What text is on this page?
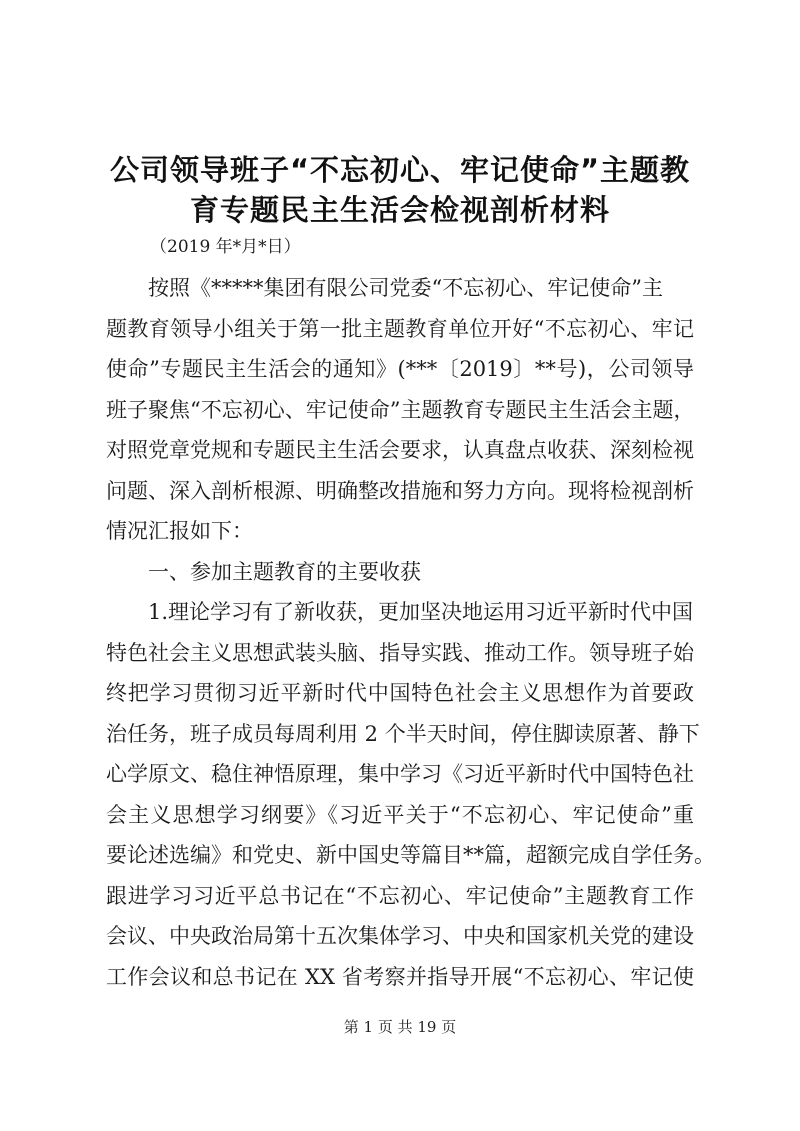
公司领导班子“不忘初心、牢记使命”主题教
育专题民主生活会检视剖析材料
（2019 年*月*日）
按照《*****集团有限公司党委“不忘初心、牢记使命”主
题教育领导小组关于第一批主题教育单位开好“不忘初心、牢记
使命”专题民主生活会的通知》(***〔2019〕**号)，公司领导
班子聚焦“不忘初心、牢记使命”主题教育专题民主生活会主题，
对照党章党规和专题民主生活会要求，认真盘点收获、深刻检视
问题、深入剖析根源、明确整改措施和努力方向。现将检视剖析
情况汇报如下：
一、参加主题教育的主要收获
1.理论学习有了新收获，更加坚决地运用习近平新时代中国
特色社会主义思想武装头脑、指导实践、推动工作。领导班子始
终把学习贯彻习近平新时代中国特色社会主义思想作为首要政
治任务，班子成员每周利用 2 个半天时间，停住脚读原著、静下
心学原文、稳住神悟原理，集中学习《习近平新时代中国特色社
会主义思想学习纲要》《习近平关于“不忘初心、牢记使命”重
要论述选编》和党史、新中国史等篇目**篇，超额完成自学任务。
跟进学习习近平总书记在“不忘初心、牢记使命”主题教育工作
会议、中央政治局第十五次集体学习、中央和国家机关党的建设
工作会议和总书记在 XX 省考察并指导开展“不忘初心、牢记使
第 1 页 共 19 页
